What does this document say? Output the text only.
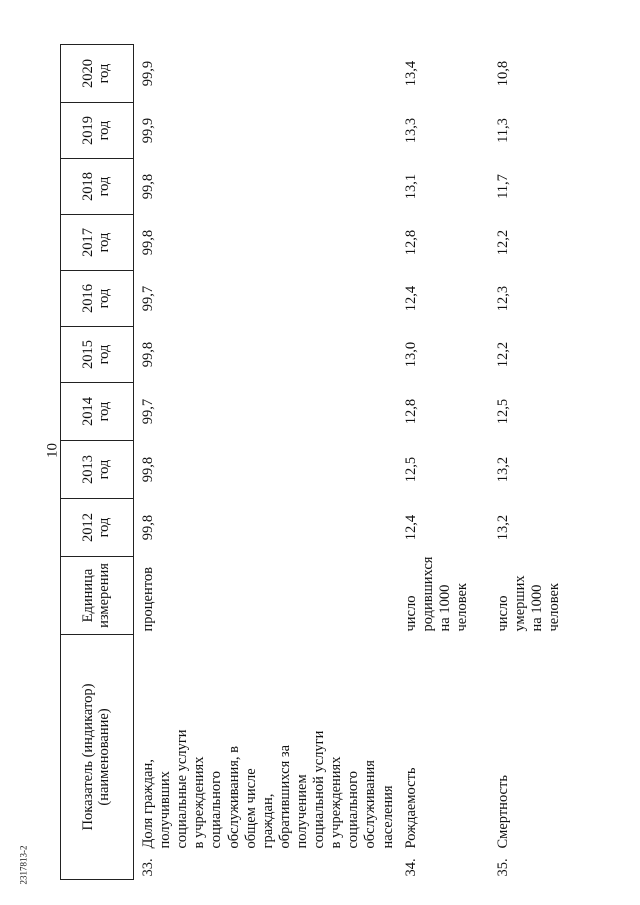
10
2317813-2
Показатель (индикатор) (наименование)	Единица измерения	2012 год	2013 год	2014 год	2015 год	2016 год	2017 год	2018 год	2019 год	2020 год
33.Доля граждан, получивших социальные услуги в учреждениях социального обслуживания, в общем числе граждан, обратившихся за получением социальной услуги в учреждениях социального обслуживания населения	процентов	99,8	99,8	99,7	99,8	99,7	99,8	99,8	99,9	99,9
34.Рождаемость	число родившихся на 1000 человек	12,4	12,5	12,8	13,0	12,4	12,8	13,1	13,3	13,4
35.Смертность	число умерших на 1000 человек	13,2	13,2	12,5	12,2	12,3	12,2	11,7	11,3	10,8
